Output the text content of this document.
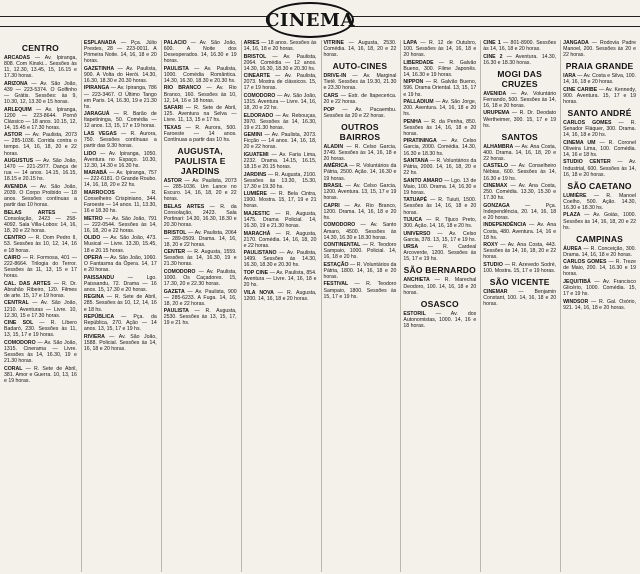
CINEMA
CENTRO
ARCADAS — Av. Ipiranga, 808. Com Kinski... Sessões às 11, 12.30, 13.45, 15, 16.15 e 17.30 horas.
ARIZONA — Av. São João, 439 — 223-5374. O Golfinho — Grátis. Sessões: às 9, 10.30, 12, 13.30 e 15 horas.
ARLEQUIM — Av. Ipiranga, 1200 — 223-8644. Pornô Clássico — 18 anos. 10.15, 12, 14, 15.45 e 17.30 horas.
ASTOR — Av. Paulista, 2073 — 285-1036. Corrida contra o tempo. 14, 16, 18, 20 e 22 horas.
AUGUSTUS — Av. São João, 1470 — 221-2977. Dança de rua — 14 anos. 14.15, 16.15, 18.15 e 20.15 hs.
AVENIDA — Av. São João, 2039. O Corpo Proibido — 18 anos. Sessões contínuas a partir das 10 horas.
BELAS ARTES — Consolação, 2423 — 258-4092. Sala Villa-Lobos: 14, 16, 18, 20 e 22 horas.
CENTRO — R. Dom Pedro II, 53. Sessões às 10, 12, 14, 16 e 18 horas.
CAIRO — R. Formosa, 401 — 222-8664. Trilogia do Terror. Sessões às 11, 13, 15 e 17 horas.
CAL. DAS ARTES — R. Dr. Abrahão Ribeiro, 120. Filmes de arte. 15, 17 e 19 horas.
CENTRAL — Av. São João, 1210. Aventuras — Livre. 10, 12.30, 15 e 17.30 horas.
CINE SOL — R. Líbero Badaró, 230. Sessões às 11, 13, 15, 17 e 19 horas.
COMODORO — Av. São João, 1315. Cinerama — Livre. Sessões às 14, 16.30, 19 e 21.30 horas.
CORAL — R. Sete de Abril, 381. Amor e Guerra. 10, 13, 16 e 19 horas.
ESPLANADA — Pça. Júlio Prestes, 28 — 223-0011. A Primeira Noite. 14, 16, 18 e 20 horas.
GAZETINHA — Av. Paulista, 900. A Volta do Herói. 14.30, 16.30, 18.30 e 20.30 horas.
IPIRANGA — Av. Ipiranga, 786 — 223-3467. O Último Tango em Paris. 14, 16.30, 19 e 21.30 hs.
JARAGUÁ — R. Barão de Itapetininga, 50. Comédia — 12 anos. 13, 15, 17 e 19 horas.
LAS VEGAS — R. Aurora, 750. Sessões contínuas a partir das 9.30 horas.
LIDO — Av. Ipiranga, 1050. Aventura no Espaço. 10.30, 12.30, 14.30 e 16.30 hs.
MARABÁ — Av. Ipiranga, 757 — 222-6181. O Grande Roubo. 14, 16, 18, 20 e 22 hs.
MARROCOS — R. Conselheiro Crispiniano, 344. Faroeste — 14 anos. 11, 13.30, 16 e 18.30 hs.
METRO — Av. São João, 791 — 222-0544. Sessões às 14, 16, 18, 20 e 22 horas.
OLIDO — Av. São João, 473. Musical — Livre. 13.30, 15.45, 18 e 20.15 horas.
OPERA — Av. São João, 1060. O Fantasma da Ópera. 14, 17 e 20 horas.
PAISSANDU — Lgo. Paissandu, 72. Drama — 16 anos. 15, 17.30 e 20 horas.
REGINA — R. Sete de Abril, 285. Sessões às 10, 12, 14, 16 e 18 hs.
REPÚBLICA — Pça. da República, 270. Ação — 14 anos. 13, 15, 17 e 19 hs.
RIVIERA — Av. São João, 1588. Policial. Sessões às 14, 16, 18 e 20 horas.
PALÁCIO — Av. São João, 600. A Noite dos Desesperados. 14, 16.30 e 19 horas.
PAULISTA — Av. Paulista, 1000. Comédia Romântica. 14.30, 16.30, 18.30 e 20.30 hs.
RIO BRANCO — Av. Rio Branco, 160. Sessões às 10, 12, 14, 16 e 18 horas.
SAFARI — R. Sete de Abril, 125. Aventura na Selva — Livre. 11, 13, 15 e 17 hs.
TEXAS — R. Aurora, 500. Faroeste — 14 anos. Contínuas a partir das 10 hs.
AUGUSTA, PAULISTA E JARDINS
ASTOR — Av. Paulista, 2073 — 285-1036. Um Lance no Escuro. 14, 16, 18, 20 e 22 horas.
BELAS ARTES — R. da Consolação, 2423. Sala Portinari: 14.30, 16.30, 18.30 e 20.30 horas.
BRISTOL — Av. Paulista, 2064 — 289-0509. Drama. 14, 16, 18, 20 e 22 horas.
CENTER — R. Augusta, 1559. Sessões às 14, 16.30, 19 e 21.30 horas.
COMODORO — Av. Paulista, 1000. Os Caçadores. 15, 17.30, 20 e 22.30 horas.
GAZETA — Av. Paulista, 900 — 285-6233. A Fuga. 14, 16, 18, 20 e 22 horas.
PAULISTA — R. Augusta, 2530. Sessões às 13, 15, 17, 19 e 21 hs.
ÁRIES — 18 anos. Sessões às 14, 16, 18 e 20 horas.
BRISTOL — Av. Paulista, 2064. Comédia — 12 anos. 14.30, 16.30, 18.30 e 20.30 hs.
CINEARTE — Av. Paulista, 2073. Mostra de clássicos. 15, 17 e 19 horas.
COMODORO — Av. São João, 1315. Aventura — Livre. 14, 16, 18, 20 e 22 hs.
ELDORADO — Av. Rebouças, 3970. Sessões às 14, 16.30, 19 e 21.30 horas.
GEMINI — Av. Paulista, 2073. Ficção — 14 anos. 14, 16, 18, 20 e 22 horas.
IGUATEMI — Av. Faria Lima, 2232. Drama. 14.15, 16.15, 18.15 e 20.15 horas.
JARDINS — R. Augusta, 2100. Sessões às 13.30, 15.30, 17.30 e 19.30 hs.
LUMIÈRE — R. Bela Cintra, 1900. Mostra. 15, 17, 19 e 21 horas.
MAJESTIC — R. Augusta, 1475. Drama Policial. 14, 16.30, 19 e 21.30 horas.
MARACHÁ — R. Augusta, 2170. Comédia. 14, 16, 18, 20 e 22 horas.
PAULISTANO — Av. Paulista, 1499. Sessões às 14.30, 16.30, 18.30 e 20.30 hs.
TOP CINE — Av. Paulista, 854. Aventura — Livre. 14, 16, 18 e 20 hs.
VILA NOVA — R. Augusta, 1200. 14, 16, 18 e 20 horas.
VITRINE — Augusta, 2530. Comédia. 14, 16, 18, 20 e 22 horas.
AUTO-CINES
DRIVE-IN — Av. Marginal Tietê. Sessões às 19.30, 21.30 e 23.30 horas.
CARS — Estr. de Itapecerica. 20 e 22 horas.
POP — Av. Pacaembu. Sessões às 20 e 22 horas.
OUTROS BAIRROS
ALADIN — R. Celso Garcia, 3749. Sessões às 14, 16, 18 e 20 horas.
AMÉRICA — R. Voluntários da Pátria, 2500. Ação. 14, 16.30 e 19 horas.
BRASIL — Av. Celso Garcia, 1200. Aventura. 13, 15, 17 e 19 horas.
CAPRI — Av. Rio Branco, 1200. Drama. 14, 16, 18 e 20 hs.
COMODORO — Av. Santo Amaro, 4500. Sessões às 14.30, 16.30 e 18.30 horas.
CONTINENTAL — R. Teodoro Sampaio, 1000. Policial. 14, 16, 18 e 20 hs.
ESTAÇÃO — R. Voluntários da Pátria, 1800. 14, 16, 18 e 20 horas.
FESTIVAL — R. Teodoro Sampaio, 1800. Sessões às 15, 17 e 19 hs.
LAPA — R. 12 de Outubro, 100. Sessões às 14, 16, 18 e 20 horas.
LIBERDADE — R. Galvão Bueno, 300. Filme Japonês. 14, 16.30 e 19 horas.
NIPPON — R. Galvão Bueno, 596. Drama Oriental. 13, 15, 17 e 19 hs.
PALLADIUM — Av. São Jorge, 200. Aventura. 14, 16, 18 e 20 hs.
PENHA — R. da Penha, 850. Sessões às 14, 16, 18 e 20 horas.
PIRATININGA — Av. Celso Garcia, 2000. Comédia. 14.30, 16.30 e 18.30 hs.
SANTANA — R. Voluntários da Pátria, 2000. 14, 16, 18, 20 e 22 hs.
SANTO AMARO — Lgo. 13 de Maio, 100. Drama. 14, 16.30 e 19 horas.
TATUAPÉ — R. Tuiuti, 1500. Sessões às 14, 16, 18 e 20 horas.
TIJUCA — R. Tijuco Preto, 300. Ação. 14, 16, 18 e 20 hs.
UNIVERSO — Av. Celso Garcia, 378. 13, 15, 17 e 19 hs.
URSA — R. Cardeal Arcoverde, 1200. Sessões às 15, 17 e 19 hs.
SÃO BERNARDO
ANCHIETA — R. Marechal Deodoro, 100. 14, 16, 18 e 20 horas.
OSASCO
ESTORIL — Av. dos Autonomistas, 1000. 14, 16 e 18 horas.
CINE 1 — 801-8900. Sessões às 14, 16, 18 e 20 horas.
CINE 2 — Aventura. 14.30, 16.30 e 18.30 horas.
MOGI DAS CRUZES
AVENIDA — Av. Voluntário Fernando, 500. Sessões às 14, 16, 18 e 20 horas.
URUPEMA — R. Dr. Deodato Wertheimer, 300. 15, 17 e 19 hs.
SANTOS
ALHAMBRA — Av. Ana Costa, 400. Drama. 14, 16, 18, 20 e 22 horas.
CASTELO — Av. Conselheiro Nébias, 600. Sessões às 14, 16.30 e 19 hs.
CINEMAX — Av. Ana Costa, 250. Comédia. 13.30, 15.30 e 17.30 hs.
GONZAGA — Pça. Independência, 20. 14, 16, 18 e 20 horas.
INDEPENDÊNCIA — Av. Ana Costa, 480. Aventura. 14, 16 e 18 hs.
ROXY — Av. Ana Costa, 443. Sessões às 14, 16, 18, 20 e 22 horas.
STUDIO — R. Azevedo Sodré, 100. Mostra. 15, 17 e 19 horas.
SÃO VICENTE
CINEMAR — Benjamin Constant, 100. 14, 16, 18 e 20 horas.
JANGADA — Rodovia Padre Manoel, 200. Sessões às 20 e 22 horas.
PRAIA GRANDE
IARA — Av. Costa e Silva, 100. 14, 16, 18 e 20 horas.
CINE CARIBE — Av. Kennedy, 900. Aventura. 15, 17 e 19 horas.
SANTO ANDRÉ
CARLOS GOMES — R. Senador Fláquer, 300. Drama. 14, 16, 18 e 20 hs.
CINEMA UM — R. Coronel Oliveira Lima, 100. Comédia. 14, 16 e 18 hs.
STUDIO CENTER — Av. Industrial, 600. Sessões às 14, 16, 18 e 20 horas.
SÃO CAETANO
LUMIÈRE — R. Manoel Coelho, 500. Ação. 14.30, 16.30 e 18.30 hs.
PLAZA — Av. Goiás, 1000. Sessões às 14, 16, 18, 20 e 22 hs.
CAMPINAS
ÁUREA — R. Conceição, 300. Drama. 14, 16, 18 e 20 horas.
CARLOS GOMES — R. Treze de Maio, 200. 14, 16.30 e 19 horas.
JEQUITIBÁ — Av. Francisco Glicério, 1000. Comédia. 15, 17 e 19 hs.
WINDSOR — R. Gal. Osório, 921. 14, 16, 18 e 20 horas.
